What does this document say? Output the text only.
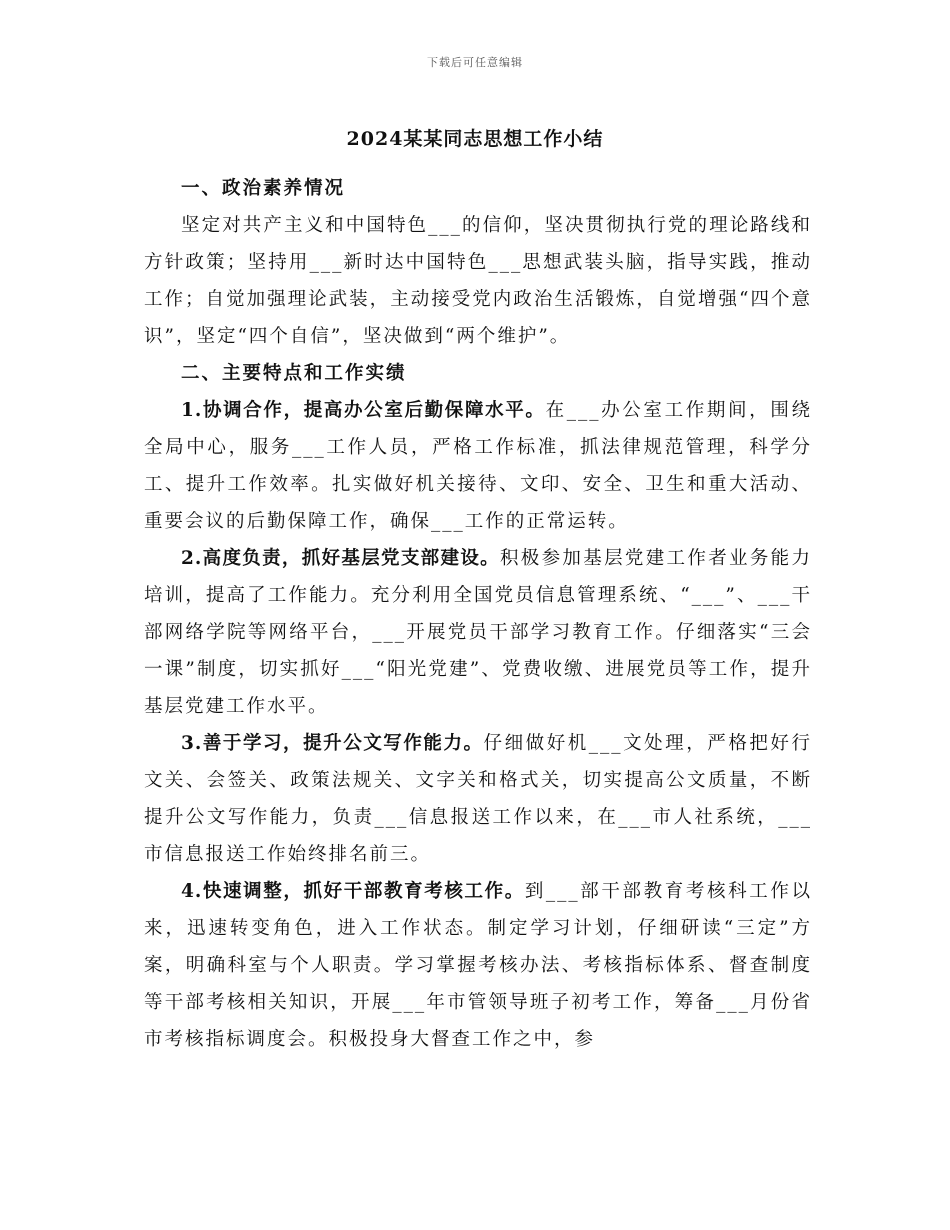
下载后可任意编辑
2024某某同志思想工作小结
一、政治素养情况

坚定对共产主义和中国特色___的信仰，坚决贯彻执行党的理论路线和方针政策；坚持用___新时达中国特色___思想武装头脑，指导实践，推动工作；自觉加强理论武装，主动接受党内政治生活锻炼，自觉增强“四个意识”，坚定“四个自信”，坚决做到“两个维护”。

二、主要特点和工作实绩

1.协调合作，提高办公室后勤保障水平。在___办公室工作期间，围绕全局中心，服务___工作人员，严格工作标准，抓法律规范管理，科学分工、提升工作效率。扎实做好机关接待、文印、安全、卫生和重大活动、重要会议的后勤保障工作，确保___工作的正常运转。

2.高度负责，抓好基层党支部建设。积极参加基层党建工作者业务能力培训，提高了工作能力。充分利用全国党员信息管理系统、“___”、___干部网络学院等网络平台，___开展党员干部学习教育工作。仔细落实“三会一课”制度，切实抓好___“阳光党建”、党费收缴、进展党员等工作，提升基层党建工作水平。

3.善于学习，提升公文写作能力。仔细做好机___文处理，严格把好行文关、会签关、政策法规关、文字关和格式关，切实提高公文质量，不断提升公文写作能力，负责___信息报送工作以来，在___市人社系统，___市信息报送工作始终排名前三。

4.快速调整，抓好干部教育考核工作。到___部干部教育考核科工作以来，迅速转变角色，进入工作状态。制定学习计划，仔细研读“三定”方案，明确科室与个人职责。学习掌握考核办法、考核指标体系、督查制度等干部考核相关知识，开展___年市管领导班子初考工作，筹备___月份省市考核指标调度会。积极投身大督查工作之中，参
